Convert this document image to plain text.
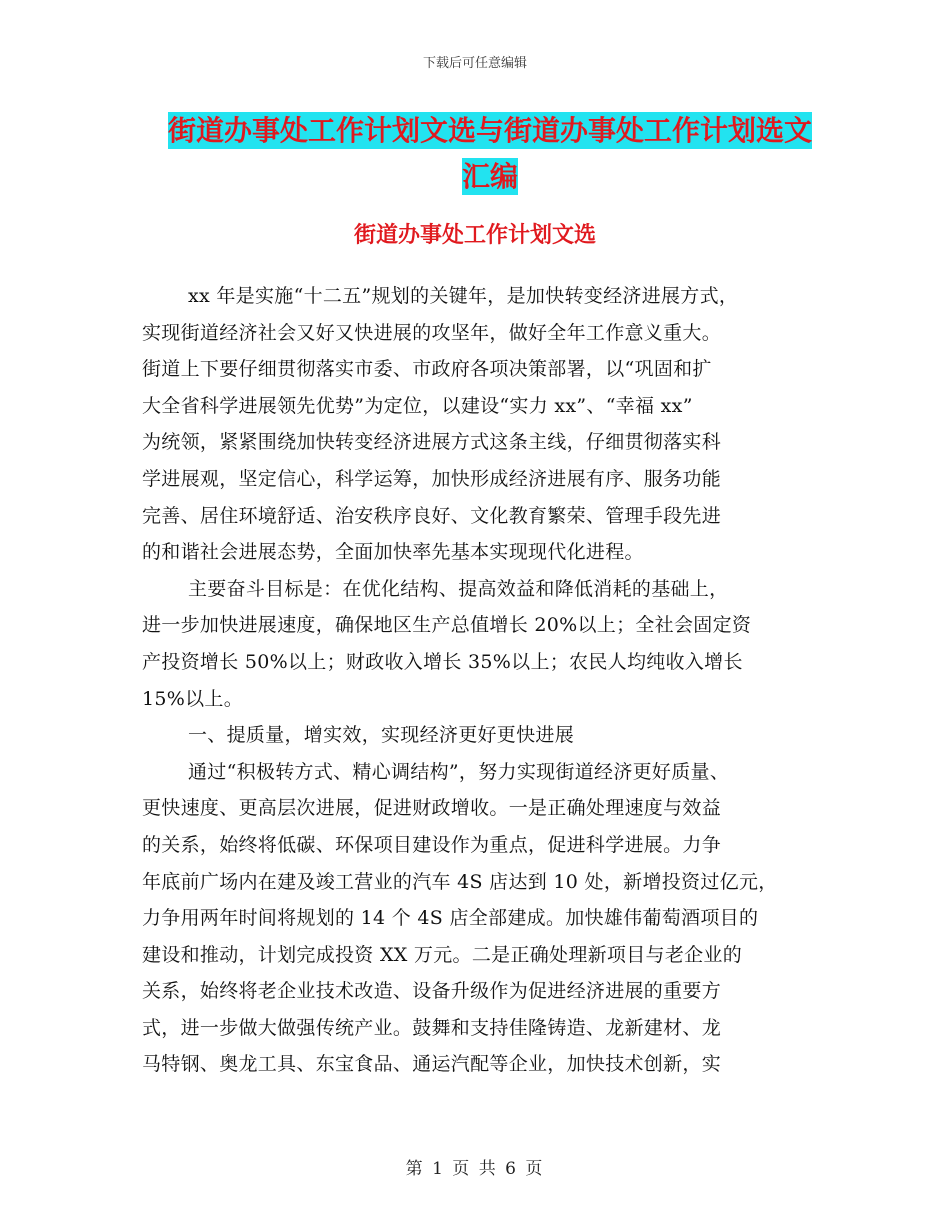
下载后可任意编辑
街道办事处工作计划文选与街道办事处工作计划选文
汇编
街道办事处工作计划文选
xx 年是实施“十二五”规划的关键年，是加快转变经济进展方式，
实现街道经济社会又好又快进展的攻坚年，做好全年工作意义重大。
街道上下要仔细贯彻落实市委、市政府各项决策部署，以“巩固和扩
大全省科学进展领先优势”为定位，以建设“实力 xx”、“幸福 xx”
为统领，紧紧围绕加快转变经济进展方式这条主线，仔细贯彻落实科
学进展观，坚定信心，科学运筹，加快形成经济进展有序、服务功能
完善、居住环境舒适、治安秩序良好、文化教育繁荣、管理手段先进
的和谐社会进展态势，全面加快率先基本实现现代化进程。
主要奋斗目标是：在优化结构、提高效益和降低消耗的基础上，
进一步加快进展速度，确保地区生产总值增长 20%以上；全社会固定资
产投资增长 50%以上；财政收入增长 35%以上；农民人均纯收入增长
15%以上。
一、提质量，增实效，实现经济更好更快进展
通过“积极转方式、精心调结构”，努力实现街道经济更好质量、
更快速度、更高层次进展，促进财政增收。一是正确处理速度与效益
的关系，始终将低碳、环保项目建设作为重点，促进科学进展。力争
年底前广场内在建及竣工营业的汽车 4S 店达到 10 处，新增投资过亿元，
力争用两年时间将规划的 14 个 4S 店全部建成。加快雄伟葡萄酒项目的
建设和推动，计划完成投资 XX 万元。二是正确处理新项目与老企业的
关系，始终将老企业技术改造、设备升级作为促进经济进展的重要方
式，进一步做大做强传统产业。鼓舞和支持佳隆铸造、龙新建材、龙
马特钢、奥龙工具、东宝食品、通运汽配等企业，加快技术创新，实
第 1 页 共 6 页
